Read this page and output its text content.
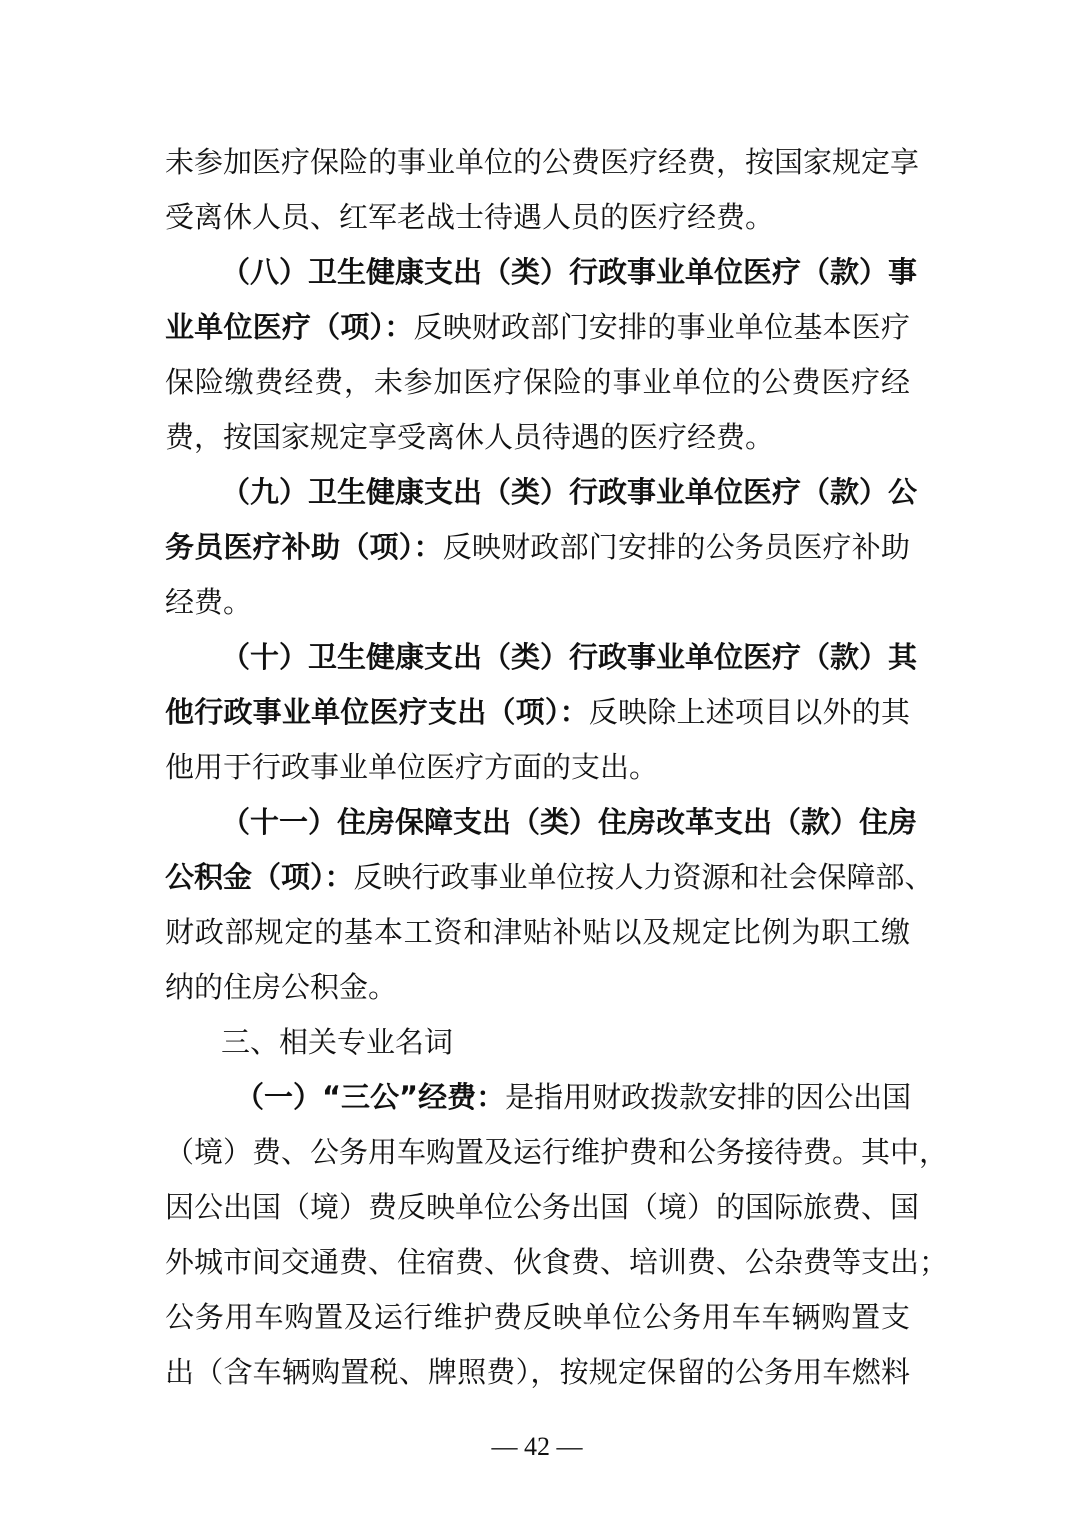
未参加医疗保险的事业单位的公费医疗经费，按国家规定享
受离休人员、红军老战士待遇人员的医疗经费。
（八）卫生健康支出（类）行政事业单位医疗（款）事
业单位医疗（项）：反映财政部门安排的事业单位基本医疗
保险缴费经费，未参加医疗保险的事业单位的公费医疗经
费，按国家规定享受离休人员待遇的医疗经费。
（九）卫生健康支出（类）行政事业单位医疗（款）公
务员医疗补助（项）：反映财政部门安排的公务员医疗补助
经费。
（十）卫生健康支出（类）行政事业单位医疗（款）其
他行政事业单位医疗支出（项）：反映除上述项目以外的其
他用于行政事业单位医疗方面的支出。
（十一）住房保障支出（类）住房改革支出（款）住房
公积金（项）：反映行政事业单位按人力资源和社会保障部、
财政部规定的基本工资和津贴补贴以及规定比例为职工缴
纳的住房公积金。
三、相关专业名词
（一）“三公”经费：是指用财政拨款安排的因公出国
（境）费、公务用车购置及运行维护费和公务接待费。其中，
因公出国（境）费反映单位公务出国（境）的国际旅费、国
外城市间交通费、住宿费、伙食费、培训费、公杂费等支出；
公务用车购置及运行维护费反映单位公务用车车辆购置支
出（含车辆购置税、牌照费），按规定保留的公务用车燃料
— 42 —
